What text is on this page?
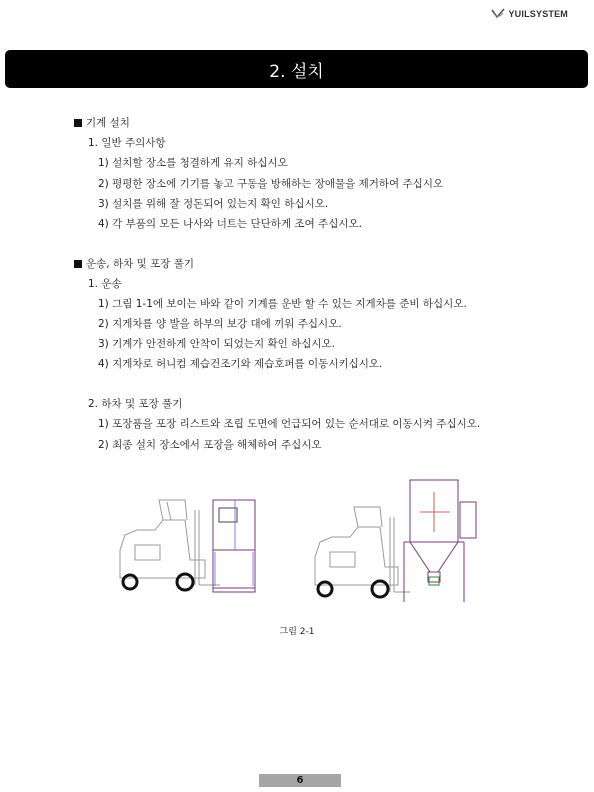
YUILSYSTEM
2. 설치
기계 설치
1. 일반 주의사항
1) 설치할 장소를 청결하게 유지 하십시오
2) 평평한 장소에 기기를 놓고 구동을 방해하는 장애물을 제거하여 주십시오
3) 설치를 위해 잘 정돈되어 있는지 확인 하십시오.
4) 각 부품의 모든 나사와 너트는 단단하게 조여 주십시오.
운송, 하차 및 포장 풀기
1. 운송
1) 그림 1-1에 보이는 바와 같이 기계를 운반 할 수 있는 지게차를 준비 하십시오.
2) 지게차를 양 발을 하부의 보강 대에 끼워 주십시오.
3) 기계가 안전하게 안착이 되었는지 확인 하십시오.
4) 지게차로 허니컴 제습건조기와 제습호퍼를 이동시키십시오.
2. 하차 및 포장 풀기
1) 포장품을 포장 리스트와 조립 도면에 언급되어 있는 순서대로 이동시켜 주십시오.
2) 최종 설치 장소에서 포장을 해체하여 주십시오
그림 2-1
6
